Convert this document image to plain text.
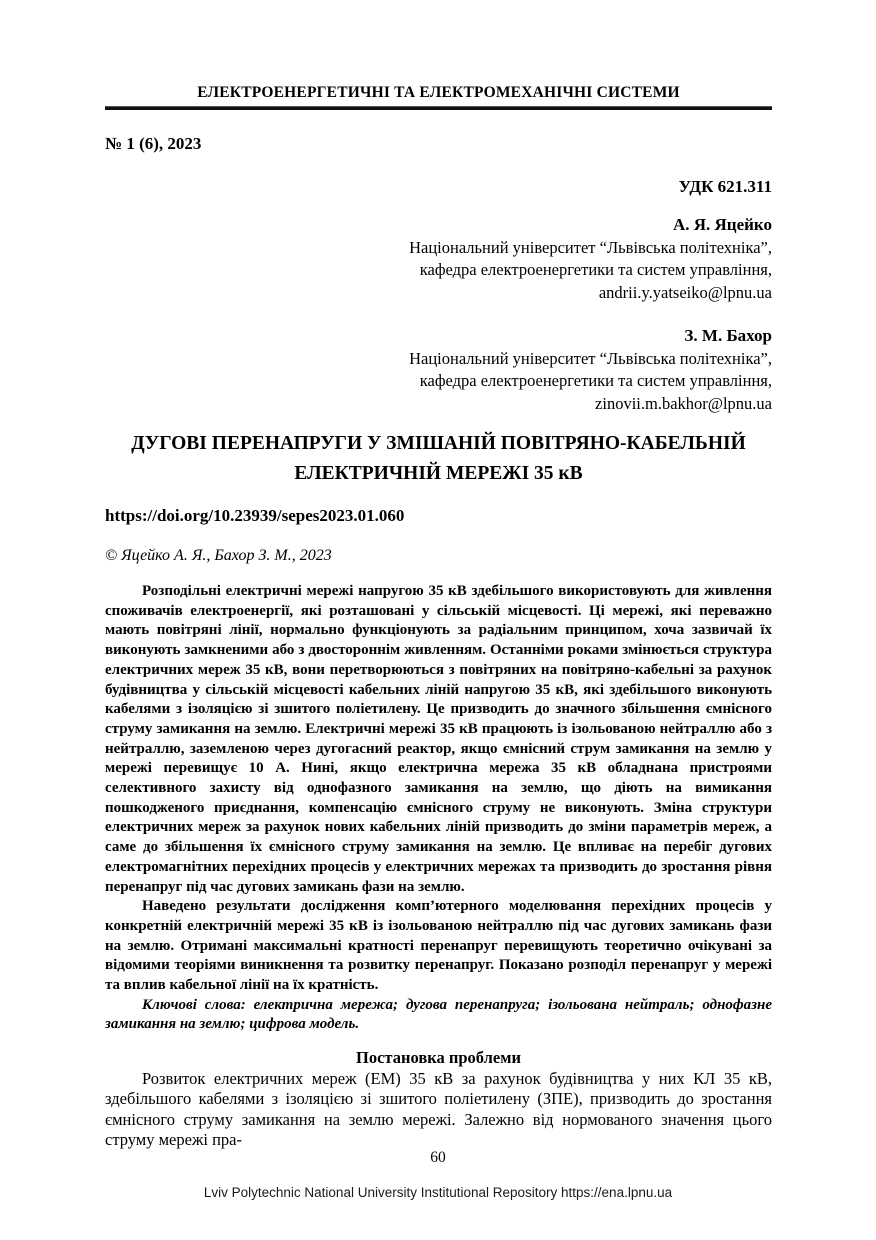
ЕЛЕКТРОЕНЕРГЕТИЧНІ ТА ЕЛЕКТРОМЕХАНІЧНІ СИСТЕМИ
№ 1 (6), 2023
УДК 621.311
А. Я. Яцейко
Національний університет “Львівська політехніка”,
кафедра електроенергетики та систем управління,
andrii.y.yatseiko@lpnu.ua
З. М. Бахор
Національний університет “Львівська політехніка”,
кафедра електроенергетики та систем управління,
zinovii.m.bakhor@lpnu.ua
ДУГОВІ ПЕРЕНАПРУГИ У ЗМІШАНІЙ ПОВІТРЯНО-КАБЕЛЬНІЙ ЕЛЕКТРИЧНІЙ МЕРЕЖІ 35 кВ
https://doi.org/10.23939/sepes2023.01.060
© Яцейко А. Я., Бахор З. М., 2023

Розподільні електричні мережі напругою 35 кВ здебільшого використовують для живлення споживачів електроенергії, які розташовані у сільській місцевості. Ці мережі, які переважно мають повітряні лінії, нормально функціонують за радіальним принципом, хоча зазвичай їх виконують замкненими або з двостороннім живленням. Останніми роками змінюється структура електричних мереж 35 кВ, вони перетворюються з повітряних на повітряно-кабельні за рахунок будівництва у сільській місцевості кабельних ліній напругою 35 кВ, які здебільшого виконують кабелями з ізоляцією зі зшитого поліетилену. Це призводить до значного збільшення ємнісного струму замикання на землю. Електричні мережі 35 кВ працюють із ізольованою нейтраллю або з нейтраллю, заземленою через дугогасний реактор, якщо ємнісний струм замикання на землю у мережі перевищує 10 А. Нині, якщо електрична мережа 35 кВ обладнана пристроями селективного захисту від однофазного замикання на землю, що діють на вимикання пошкодженого приєднання, компенсацію ємнісного струму не виконують. Зміна структури електричних мереж за рахунок нових кабельних ліній призводить до зміни параметрів мереж, а саме до збільшення їх ємнісного струму замикання на землю. Це впливає на перебіг дугових електромагнітних перехідних процесів у електричних мережах та призводить до зростання рівня перенапруг під час дугових замикань фази на землю.

Наведено результати дослідження комп’ютерного моделювання перехідних процесів у конкретній електричній мережі 35 кВ із ізольованою нейтраллю під час дугових замикань фази на землю. Отримані максимальні кратності перенапруг перевищують теоретично очікувані за відомими теоріями виникнення та розвитку перенапруг. Показано розподіл перенапруг у мережі та вплив кабельної лінії на їх кратність.

Ключові слова: електрична мережа; дугова перенапруга; ізольована нейтраль; однофазне замикання на землю; цифрова модель.

Постановка проблеми

Розвиток електричних мереж (ЕМ) 35 кВ за рахунок будівництва у них КЛ 35 кВ, здебільшого кабелями з ізоляцією зі зшитого поліетилену (ЗПЕ), призводить до зростання ємнісного струму замикання на землю мережі. Залежно від нормованого значення цього струму мережі пра-

60
Lviv Polytechnic National University Institutional Repository https://ena.lpnu.ua
